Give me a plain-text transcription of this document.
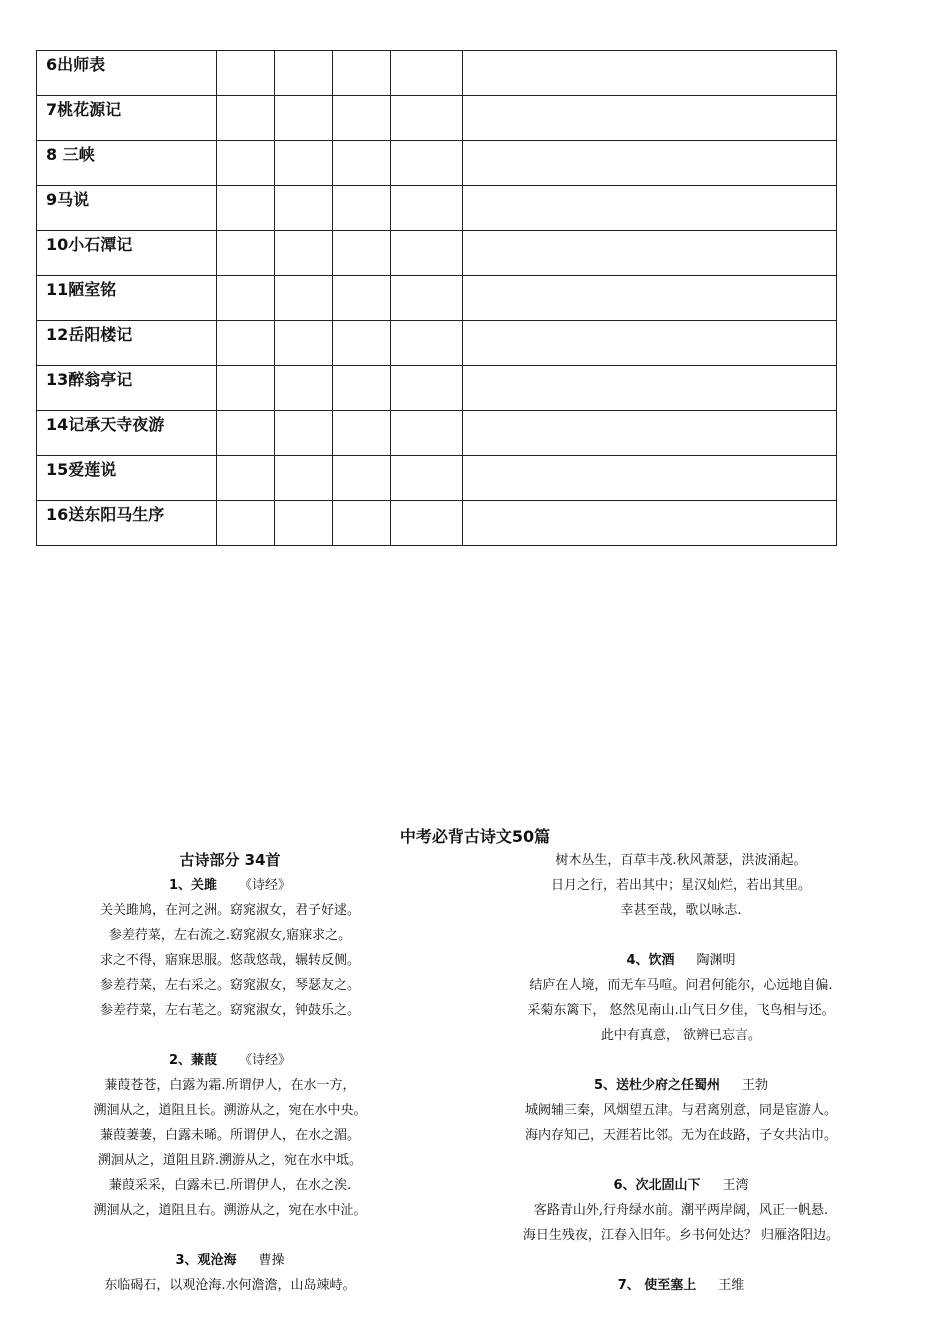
6出师表					
7桃花源记					
8 三峡					
9马说					
10小石潭记					
11陋室铭					
12岳阳楼记					
13醉翁亭记					
14记承天寺夜游					
15爱莲说					
16送东阳马生序					
中考必背古诗文50篇
古诗部分 34首
1、关雎 《诗经》
关关雎鸠，在河之洲。窈窕淑女，君子好逑。
参差荇菜，左右流之.窈窕淑女,寤寐求之。
求之不得，寤寐思服。悠哉悠哉，辗转反侧。
参差荇菜，左右采之。窈窕淑女，琴瑟友之。
参差荇菜，左右芼之。窈窕淑女，钟鼓乐之。
2、蒹葭 《诗经》
蒹葭苍苍，白露为霜.所谓伊人，在水一方，
溯洄从之，道阻且长。溯游从之，宛在水中央。
蒹葭萋萋，白露未晞。所谓伊人，在水之湄。
溯洄从之，道阻且跻.溯游从之，宛在水中坻。
蒹葭采采，白露未已.所谓伊人，在水之涘.
溯洄从之，道阻且右。溯游从之，宛在水中沚。
3、观沧海 曹操
东临碣石，以观沧海.水何澹澹，山岛竦峙。
树木丛生，百草丰茂.秋风萧瑟，洪波涌起。
日月之行，若出其中；星汉灿烂，若出其里。
幸甚至哉，歌以咏志.
4、饮酒 陶渊明
结庐在人境，而无车马喧。问君何能尔，心远地自偏.
采菊东篱下， 悠然见南山.山气日夕佳，飞鸟相与还。
此中有真意， 欲辨已忘言。
5、送杜少府之任蜀州 王勃
城阙辅三秦，风烟望五津。与君离别意，同是宦游人。
海内存知己，天涯若比邻。无为在歧路，子女共沾巾。
6、次北固山下 王湾
客路青山外,行舟绿水前。潮平两岸阔，风正一帆悬.
海日生残夜，江春入旧年。乡书何处达？ 归雁洛阳边。
7、 使至塞上 王维
